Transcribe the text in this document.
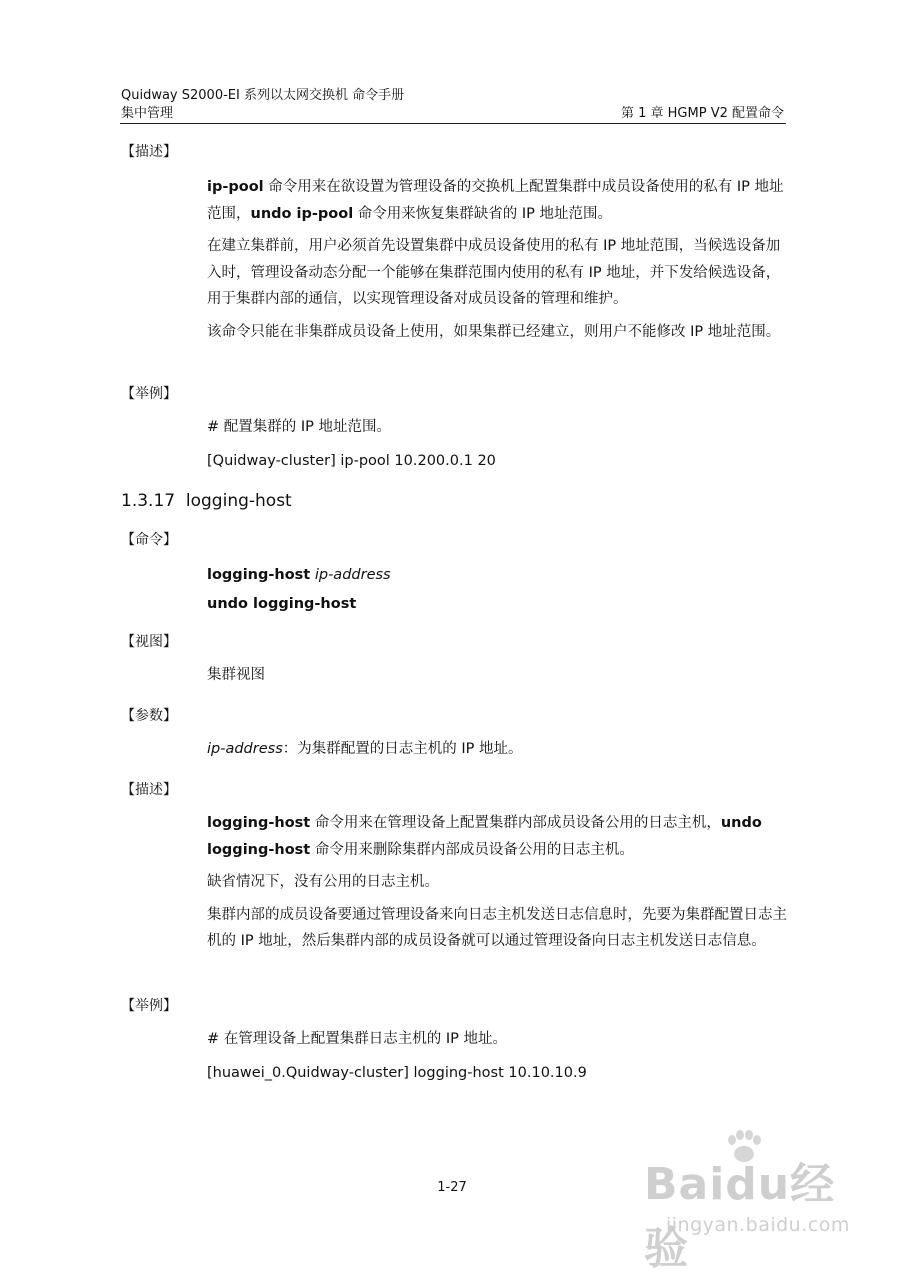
Quidway S2000-EI 系列以太网交换机 命令手册
集中管理	第 1 章 HGMP V2 配置命令
【描述】

ip-pool 命令用来在欲设置为管理设备的交换机上配置集群中成员设备使用的私有 IP 地址范围，undo ip-pool 命令用来恢复集群缺省的 IP 地址范围。

在建立集群前，用户必须首先设置集群中成员设备使用的私有 IP 地址范围，当候选设备加入时，管理设备动态分配一个能够在集群范围内使用的私有 IP 地址，并下发给候选设备，用于集群内部的通信，以实现管理设备对成员设备的管理和维护。

该命令只能在非集群成员设备上使用，如果集群已经建立，则用户不能修改 IP 地址范围。

【举例】

# 配置集群的 IP 地址范围。

[Quidway-cluster] ip-pool 10.200.0.1 20

1.3.17 logging-host
【命令】

logging-host ip-address

undo logging-host

【视图】
集群视图
【参数】
ip-address：为集群配置的日志主机的 IP 地址。
【描述】

logging-host 命令用来在管理设备上配置集群内部成员设备公用的日志主机，undo logging-host 命令用来删除集群内部成员设备公用的日志主机。

缺省情况下，没有公用的日志主机。

集群内部的成员设备要通过管理设备来向日志主机发送日志信息时，先要为集群配置日志主机的 IP 地址，然后集群内部的成员设备就可以通过管理设备向日志主机发送日志信息。

【举例】

# 在管理设备上配置集群日志主机的 IP 地址。

[huawei_0.Quidway-cluster] logging-host 10.10.10.9

1-27	Baidu经验
jingyan.baidu.com
